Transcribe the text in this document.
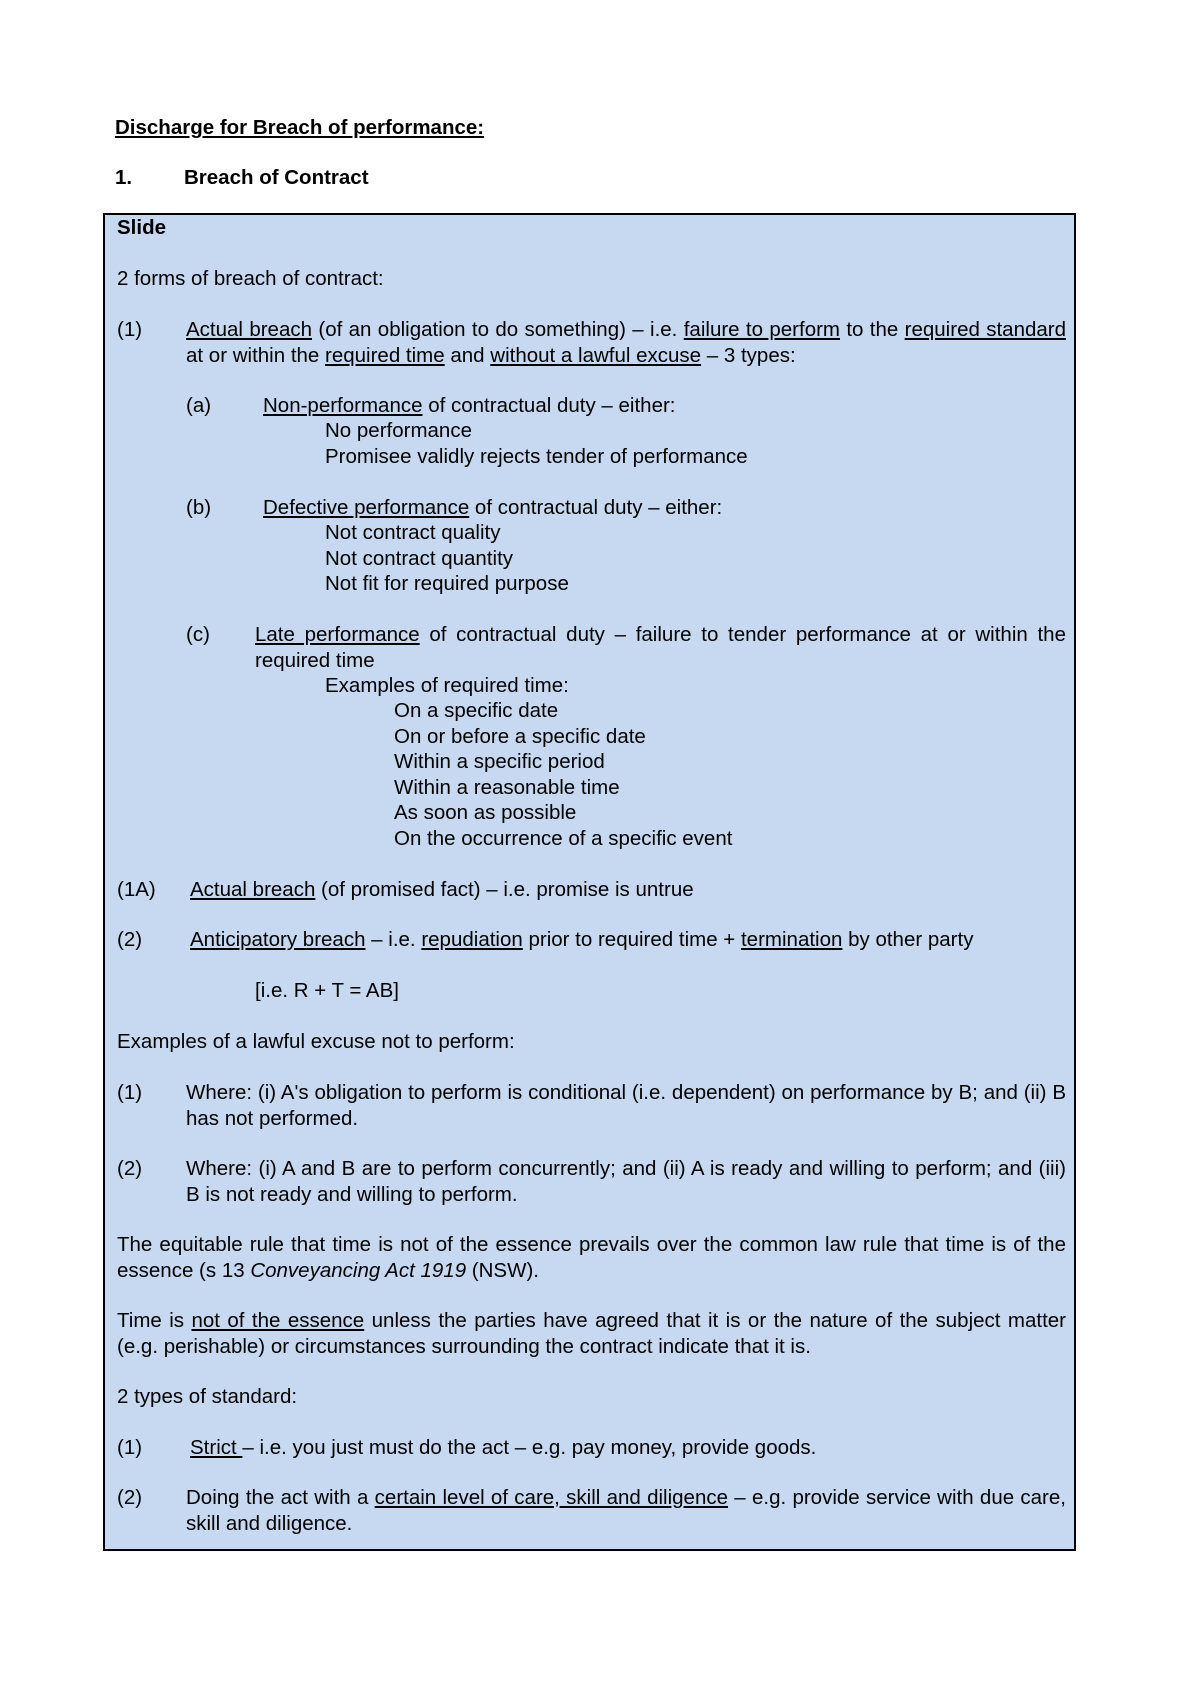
Discharge for Breach of performance:
1.	Breach of Contract
Slide
2 forms of breach of contract:
(1) Actual breach (of an obligation to do something) – i.e. failure to perform to the required standard at or within the required time and without a lawful excuse – 3 types:
(a)	Non-performance of contractual duty – either:
No performance
Promisee validly rejects tender of performance
(b)	Defective performance of contractual duty – either:
Not contract quality
Not contract quantity
Not fit for required purpose
(c) Late performance of contractual duty – failure to tender performance at or within the required time
Examples of required time:
On a specific date
On or before a specific date
Within a specific period
Within a reasonable time
As soon as possible
On the occurrence of a specific event
(1A) Actual breach (of promised fact) – i.e. promise is untrue
(2) Anticipatory breach – i.e. repudiation prior to required time + termination by other party
[i.e. R + T = AB]
Examples of a lawful excuse not to perform:
(1) Where: (i) A's obligation to perform is conditional (i.e. dependent) on performance by B; and (ii) B has not performed.
(2) Where: (i) A and B are to perform concurrently; and (ii) A is ready and willing to perform; and (iii) B is not ready and willing to perform.
The equitable rule that time is not of the essence prevails over the common law rule that time is of the essence (s 13 Conveyancing Act 1919 (NSW).
Time is not of the essence unless the parties have agreed that it is or the nature of the subject matter (e.g. perishable) or circumstances surrounding the contract indicate that it is.
2 types of standard:
(1) Strict – i.e. you just must do the act – e.g. pay money, provide goods.
(2) Doing the act with a certain level of care, skill and diligence – e.g. provide service with due care, skill and diligence.
